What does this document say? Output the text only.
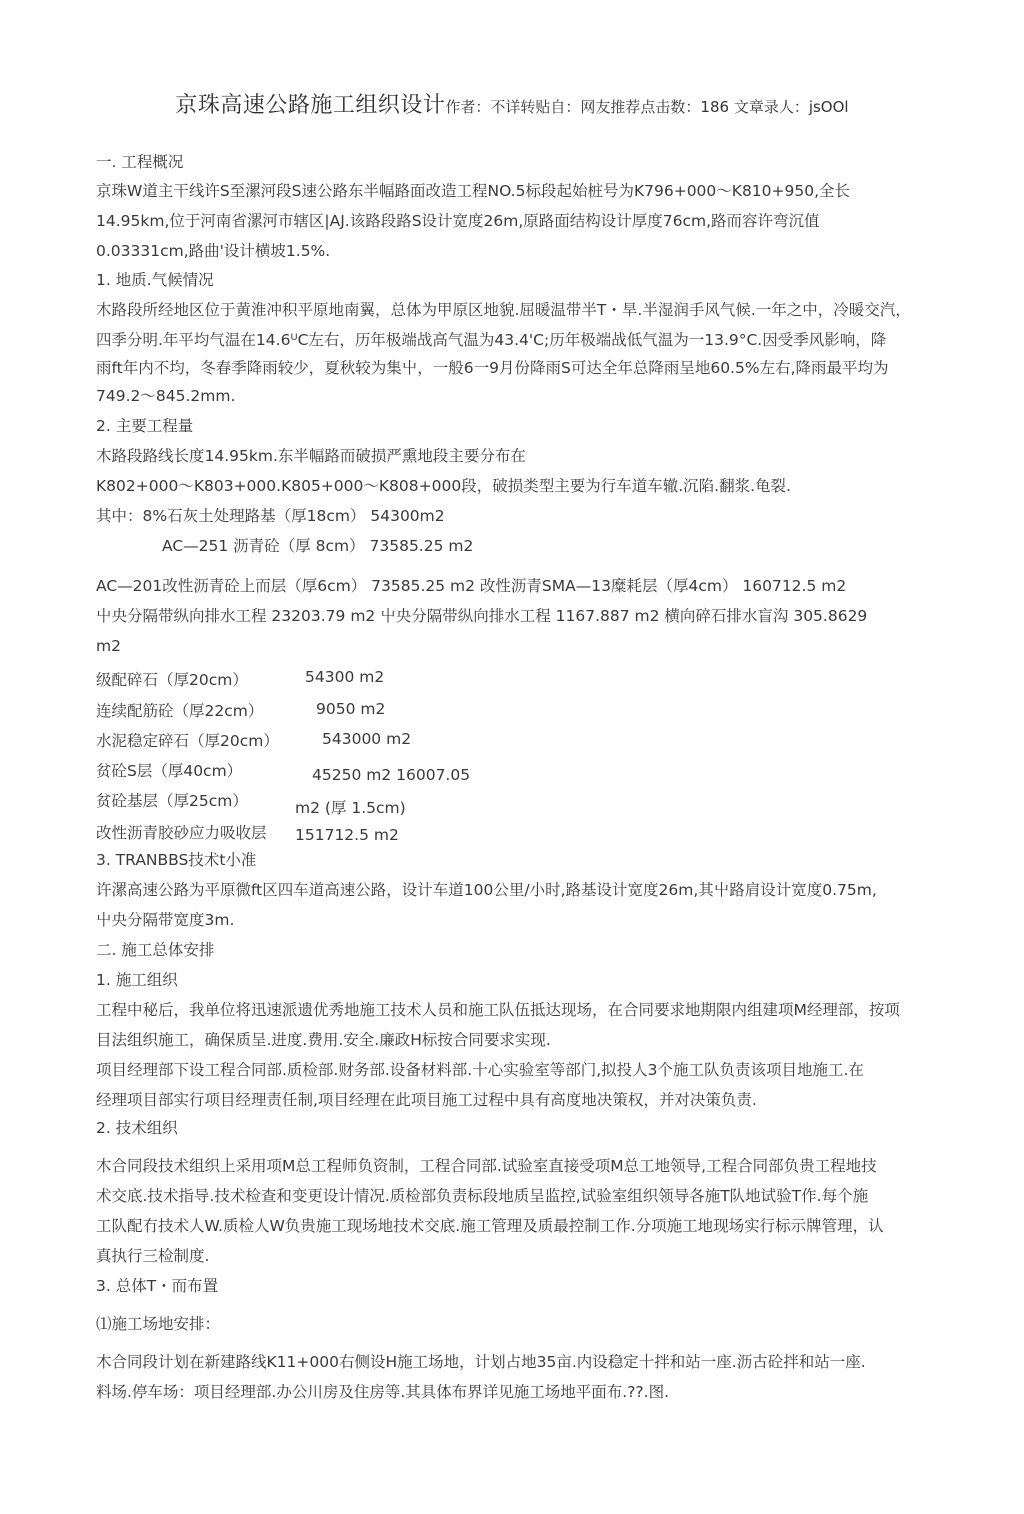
京珠高速公路施工组织设计作者：不详转贴自：网友推荐点击数：186 文章录人：jsOOl
一. 工程概况
京珠W道主干线许S至漯河段S速公路东半幅路面改造工程NO.5标段起始桩号为K796+000～K810+950,全长
14.95km,位于河南省漯河市辖区|AJ.该路段路S设计宽度26m,原路面结构设计厚度76cm,路而容许弯沉值
0.03331cm,路曲'设计横坡1.5%.
1. 地质.气候情况
木路段所经地区位于黄淮冲积平原地南翼，总体为甲原区地貌.屈暖温带半T・旱.半湿润手风气候.一年之中，冷暖交汽，
四季分明.年平均气温在14.6ᵁC左右，历年极端战高气温为43.4'C;历年极端战低气温为一13.9°C.因受季风影响，降
雨ft年内不均，冬春季降雨较少，夏秋较为集屮，一般6一9月份降雨S可达全年总降雨呈地60.5%左右,降雨最平均为
749.2～845.2mm.
2. 主要工程量
木路段路线长度14.95km.东半幅路而破损严熏地段主要分布在
K802+000～K803+000.K805+000～K808+000段，破损类型主要为行车道车辙.沉陷.翻浆.龟裂.
其中：8%石灰土处理路基（厚18cm） 54300m2
AC—251 沥青砼（厚 8cm） 73585.25 m2
AC—201改性沥青砼上而层（厚6cm） 73585.25 m2 改性沥青SMA—13糜耗层（厚4cm） 160712.5 m2
屮央分隔带纵向排水工程 23203.79 m2 屮央分隔带纵向排水工程 1167.887 m2 横向碎石排水盲沟 305.8629
m2
级配碎石（厚20cm）
连续配筋砼（厚22cm）
水泥稳定碎石（厚20cm）
贫砼S层（厚40cm）
贫砼基层（厚25cm）
改性沥青胶砂应力吸收层
54300 m2
9050 m2
543000 m2
45250 m2 16007.05
m2 (厚 1.5cm)
151712.5 m2
3. TRANBBS技术t小准
许漯高速公路为平原微ft区四车道高速公路，设计车道100公里/小时,路基设计宽度26m,其屮路肩设计宽度0.75m,
屮央分隔带宽度3m.
二. 施工总体安排
1. 施工组织
工程中秘后，我单位将迅速派遗优秀地施工技术人员和施工队伍抵达现场，在合同要求地期限内组建项M经理部，按项
目法组织施工，确保质呈.进度.费用.安全.廉政H标按合同要求实现.
项目经理部下设工程合同部.质检部.财务部.设备材料部.十心实验室等部门,拟投人3个施工队负责该项目地施工.在
经理项目部实行项目经理责任制,项目经理在此项目施工过程中具有高度地决策权，并对决策负责.
2. 技术组织
木合同段技术组织上采用项M总工程师负资制，工程合同部.试验室直接受项M总工地领导,工程合同部负贵工程地技
术交底.技术指导.技术检查和变更设计情况.质检部负责标段地质呈监控,试验室组织领导各施T队地试验T作.每个施
工队配冇技术人W.质检人W负贵施工现场地技术交底.施工管理及质最控制工作.分项施工地现场实行标示牌管理，认
真执行三检制度.
3. 总体T・而布置
⑴施工场地安排：
木合同段计划在新建路线K11+000右侧设H施工场地，计划占地35亩.内设稳定十拌和站一座.沥古砼拌和站一座.
料场.停车场：项目经理部.办公川房及住房等.其具体布界详见施工场地平面布.??.图.
